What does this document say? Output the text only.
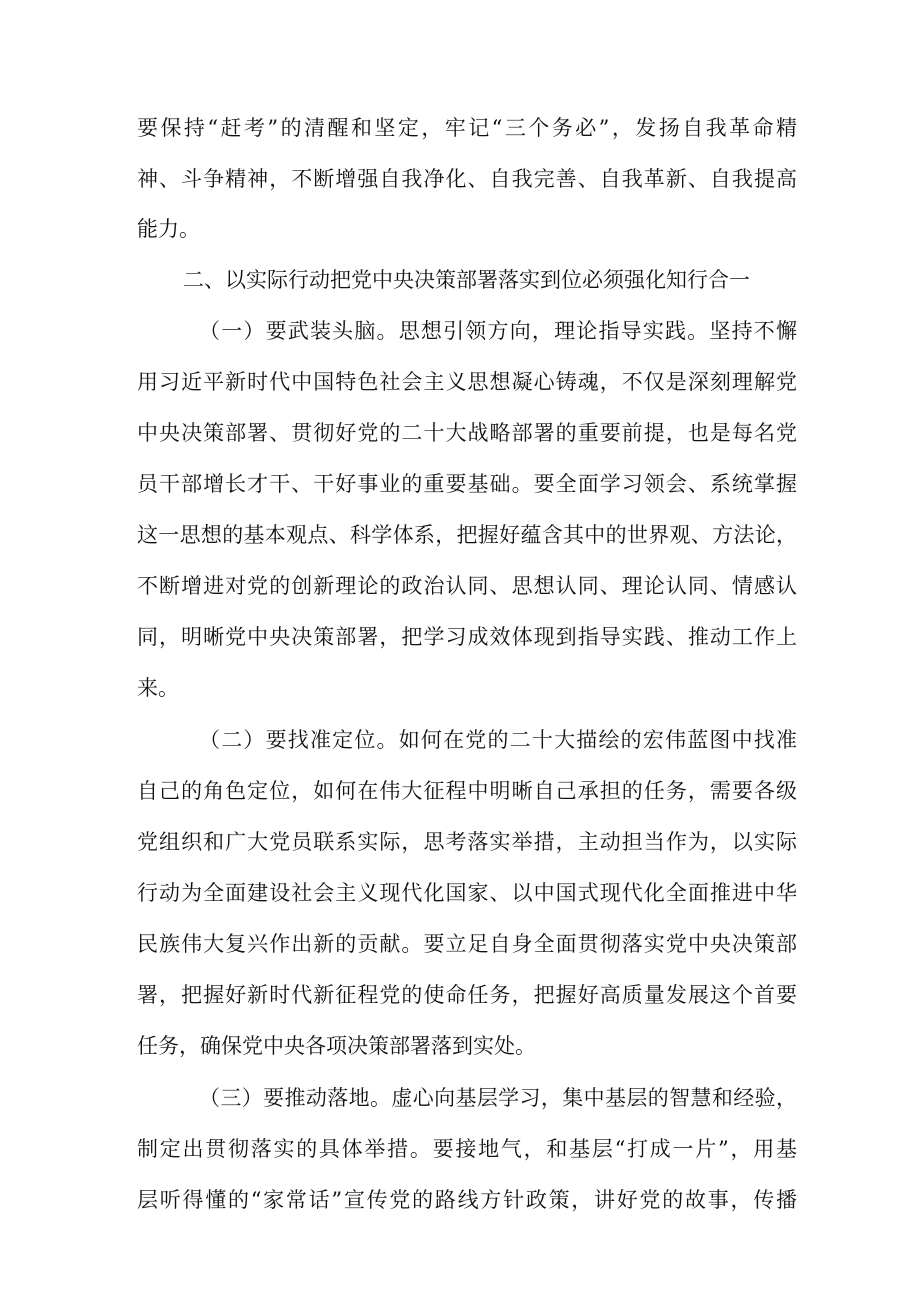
要保持“赶考”的清醒和坚定，牢记“三个务必”，发扬自我革命精
神、斗争精神，不断增强自我净化、自我完善、自我革新、自我提高
能力。
二、以实际行动把党中央决策部署落实到位必须强化知行合一
（一）要武装头脑。思想引领方向，理论指导实践。坚持不懈
用习近平新时代中国特色社会主义思想凝心铸魂，不仅是深刻理解党
中央决策部署、贯彻好党的二十大战略部署的重要前提，也是每名党
员干部增长才干、干好事业的重要基础。要全面学习领会、系统掌握
这一思想的基本观点、科学体系，把握好蕴含其中的世界观、方法论，
不断增进对党的创新理论的政治认同、思想认同、理论认同、情感认
同，明晰党中央决策部署，把学习成效体现到指导实践、推动工作上
来。
（二）要找准定位。如何在党的二十大描绘的宏伟蓝图中找准
自己的角色定位，如何在伟大征程中明晰自己承担的任务，需要各级
党组织和广大党员联系实际，思考落实举措，主动担当作为，以实际
行动为全面建设社会主义现代化国家、以中国式现代化全面推进中华
民族伟大复兴作出新的贡献。要立足自身全面贯彻落实党中央决策部
署，把握好新时代新征程党的使命任务，把握好高质量发展这个首要
任务，确保党中央各项决策部署落到实处。
（三）要推动落地。虚心向基层学习，集中基层的智慧和经验，
制定出贯彻落实的具体举措。要接地气，和基层“打成一片”，用基
层听得懂的“家常话”宣传党的路线方针政策，讲好党的故事，传播
